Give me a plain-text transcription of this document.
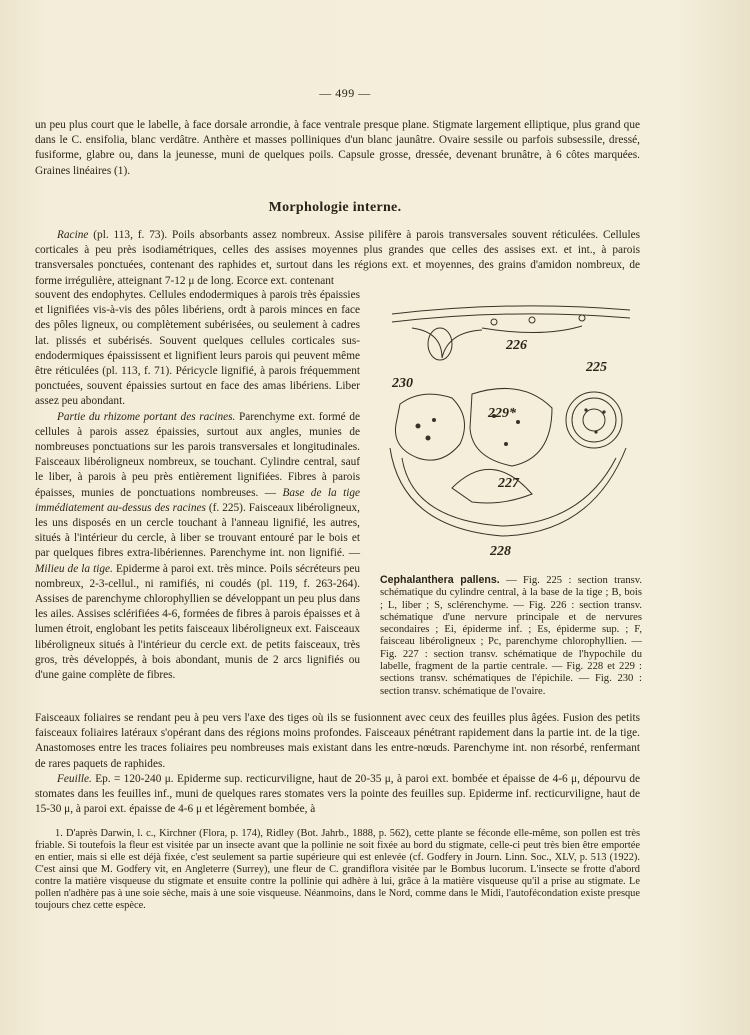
— 499 —

un peu plus court que le labelle, à face dorsale arrondie, à face ventrale presque plane. Stigmate largement elliptique, plus grand que dans le C. ensifolia, blanc verdâtre. Anthère et masses polliniques d'un blanc jaunâtre. Ovaire sessile ou parfois subsessile, dressé, fusiforme, glabre ou, dans la jeunesse, muni de quelques poils. Capsule grosse, dressée, devenant brunâtre, à 6 côtes marquées. Graines linéaires (1).

Morphologie interne.

Racine (pl. 113, f. 73). Poils absorbants assez nombreux. Assise pilifère à parois transversales souvent réticulées. Cellules corticales à peu près isodiamétriques, celles des assises moyennes plus grandes que celles des assises ext. et int., à parois transversales ponctuées, contenant des raphides et, surtout dans les régions ext. et moyennes, des grains d'amidon nombreux, de forme irrégulière, atteignant 7-12 μ de long. Ecorce ext. contenant

souvent des endophytes. Cellules endodermiques à parois très épaissies et lignifiées vis-à-vis des pôles libériens, ordt à parois minces en face des pôles ligneux, ou complètement subérisées, ou seulement à cadres lat. plissés et subérisés. Souvent quelques cellules corticales sus-endodermiques épaississent et lignifient leurs parois qui peuvent même être réticulées (pl. 113, f. 71). Péricycle lignifié, à parois fréquemment ponctuées, souvent épaissies surtout en face des amas libériens. Liber assez peu abondant.

Partie du rhizome portant des racines. Parenchyme ext. formé de cellules à parois assez épaissies, surtout aux angles, munies de nombreuses ponctuations sur les parois transversales et longitudinales. Faisceaux libéroligneux nombreux, se touchant. Cylindre central, sauf le liber, à parois à peu près entièrement lignifiées. Fibres à parois épaisses, munies de ponctuations nombreuses. — Base de la tige immédiatement au-dessus des racines (f. 225). Faisceaux libéroligneux, les uns disposés en un cercle touchant à l'anneau lignifié, les autres, situés à l'intérieur du cercle, à liber se trouvant entouré par le bois et par quelques fibres extra-libériennes. Parenchyme int. non lignifié. — Milieu de la tige. Epiderme à paroi ext. très mince. Poils sécréteurs peu nombreux, 2-3-cellul., ni ramifiés, ni coudés (pl. 119, f. 263-264). Assises de parenchyme chlorophyllien se développant un peu plus dans les ailes. Assises sclérifiées 4-6, formées de fibres à parois épaisses et à lumen étroit, englobant les petits faisceaux libéroligneux ext. Faisceaux libéroligneux situés à l'intérieur du cercle ext. de petits faisceaux, très gros, très développés, à bois abondant, munis de 2 arcs lignifiés ou d'une gaine complète de fibres.

226
225
230
229*
227
228
Cephalanthera pallens. — Fig. 225 : section transv. schématique du cylindre central, à la base de la tige ; B, bois ; L, liber ; S, sclérenchyme. — Fig. 226 : section transv. schématique d'une nervure principale et de nervures secondaires ; Ei, épiderme inf. ; Es, épiderme sup. ; F, faisceau libéroligneux ; Pc, parenchyme chlorophyllien. — Fig. 227 : section transv. schématique de l'hypochile du labelle, fragment de la partie centrale. — Fig. 228 et 229 : sections transv. schématiques de l'épichile. — Fig. 230 : section transv. schématique de l'ovaire.

Faisceaux foliaires se rendant peu à peu vers l'axe des tiges où ils se fusionnent avec ceux des feuilles plus âgées. Fusion des petits faisceaux foliaires latéraux s'opérant dans des régions moins profondes. Faisceaux pénétrant rapidement dans la partie int. de la tige. Anastomoses entre les traces foliaires peu nombreuses mais existant dans les entre-nœuds. Parenchyme int. non résorbé, renfermant de rares paquets de raphides.

Feuille. Ep. = 120-240 μ. Epiderme sup. recticurviligne, haut de 20-35 μ, à paroi ext. bombée et épaisse de 4-6 μ, dépourvu de stomates dans les feuilles inf., muni de quelques rares stomates vers la pointe des feuilles sup. Epiderme inf. recticurviligne, haut de 15-30 μ, à paroi ext. épaisse de 4-6 μ et légèrement bombée, à

1. D'après Darwin, l. c., Kirchner (Flora, p. 174), Ridley (Bot. Jahrb., 1888, p. 562), cette plante se féconde elle-même, son pollen est très friable. Si toutefois la fleur est visitée par un insecte avant que la pollinie ne soit fixée au bord du stigmate, celle-ci peut très bien être emportée en entier, mais si elle est déjà fixée, c'est seulement sa partie supérieure qui est enlevée (cf. Godfery in Journ. Linn. Soc., XLV, p. 513 (1922). C'est ainsi que M. Godfery vit, en Angleterre (Surrey), une fleur de C. grandiflora visitée par le Bombus lucorum. L'insecte se frotte d'abord contre la matière visqueuse du stigmate et ensuite contre la pollinie qui adhère à lui, grâce à la matière visqueuse qu'il a prise au stigmate. Le pollen n'adhère pas à une soie sèche, mais à une soie visqueuse. Néanmoins, dans le Nord, comme dans le Midi, l'autofécondation existe presque toujours chez cette espèce.
